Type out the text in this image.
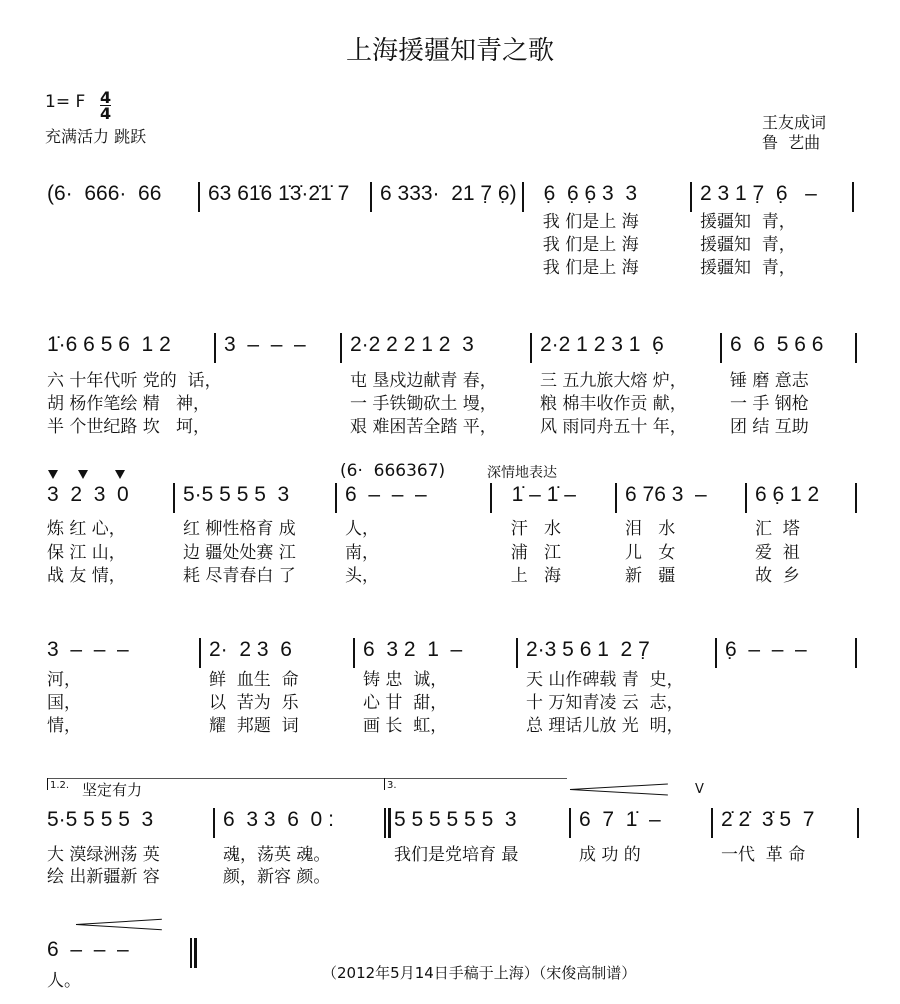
上海援疆知青之歌
1= F $\frac{4}{4}$
充满活力 跳跃
王友成词
鲁  艺曲
(6·  666367)	深情地表达
1.2. 坚定有力	3.	V
（2012年5月14日手稿于上海）（宋俊高制谱）
(6·  666·  66 63 61̇6 1̇3̇·2̇1̇ 7 6 333·  21 7̣ 6̣) 6̣  6̣ 6̣ 3  3
我 们是上 海
我 们是上 海
我 们是上 海
2 3 1 7̣  6̣   –
援疆知  青，
援疆知  青，
援疆知  青，
1̇·6 6 5 6  1 2
六 十年代听 党的  话，
胡 杨作笔绘 精   神，
半 个世纪路 坎   坷，
3  –  –  – 2·2 2 2 1 2  3
屯 垦戍边献青 春，
一 手铁锄砍土 墁，
艰 难困苦全踏 平，
2·2 1 2 3 1  6̣
三 五九旅大熔 炉，
粮 棉丰收作贡 献，
风 雨同舟五十 年，
6  6  5 6 6
锤 磨 意志
一 手 钢枪
团 结 互助
3  2  3  0
炼 红 心，
保 江 山，
战 友 情，
5·5 5 5 5  3
红 柳性格育 成
边 疆处处赛 江
耗 尽青春白 了
6  –  –  –
人，
南，
头，
1̇ – 1̇ –
汗   水
浦   江
上   海
6 76 3  –
泪   水
儿   女
新   疆
6 6̣ 1 2
汇  塔
爱  祖
故  乡
3  –  –  –
河，
国，
情，
2·  2 3  6
鲜  血生  命
以  苦为  乐
耀  邦题  词
6  3 2  1  –
铸 忠  诚，
心 甘  甜，
画 长  虹，
2·3 5 6 1  2 7̣
天 山作碑载 青  史，
十 万知青凌 云  志，
总 理话儿放 光  明，
6̣  –  –  –
5·5 5 5 5  3
大 漠绿洲荡 英
绘 出新疆新 容
6  3 3  6  0 :
魂，荡英 魂。
颜，新容 颜。
5 5 5 5 5 5  3
我们是党培育 最
6  7  1̇  –
成 功 的
2̇ 2̇  3̇ 5  7
一代  革 命
6  –  –  –
人。
